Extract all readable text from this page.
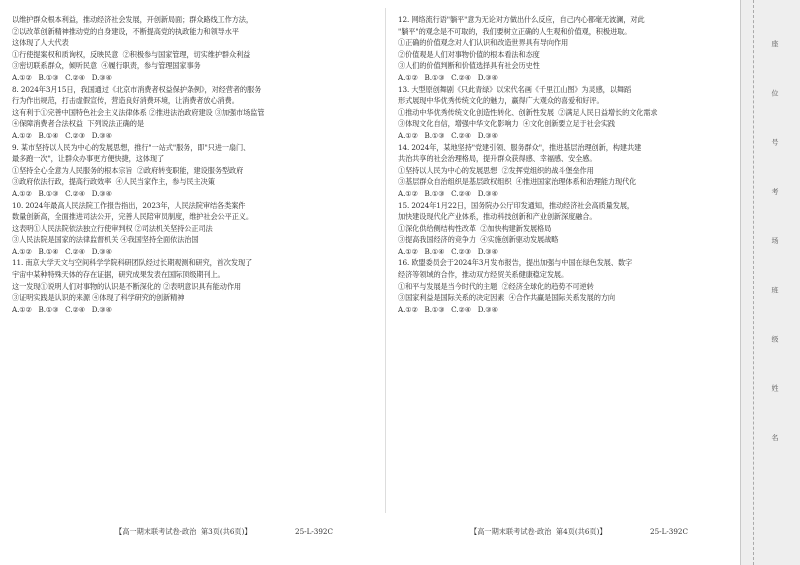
以维护群众根本利益，推动经济社会发展，开创新局面；群众路线工作方法，
②以改革创新精神推动党的自身建设，不断提高党的执政能力和领导水平
这体现了人大代表
①行使提案权和质询权，反映民意  ②积极参与国家管理，切实维护群众利益
③密切联系群众，倾听民意  ④履行职责，参与管理国家事务
A.①②   B.①③   C.②④   D.③④
8. 2024年3月15日，我国通过《北京市消费者权益保护条例》，对经营者的服务
行为作出规范，打击虚假宣传，营造良好消费环境，让消费者放心消费。
这有利于①完善中国特色社会主义法律体系 ②推进法治政府建设 ③加强市场监管
④保障消费者合法权益  下列说法正确的是
A.①②   B.①④   C.②③   D.③④
9. 某市坚持以人民为中心的发展思想，推行"一站式"服务，即"只进一扇门、
最多跑一次"，让群众办事更方便快捷，这体现了
①坚持全心全意为人民服务的根本宗旨  ②政府转变职能，建设服务型政府
③政府依法行政，提高行政效率  ④人民当家作主，参与民主决策
A.①②   B.①③   C.②④   D.③④
10. 2024年最高人民法院工作报告指出，2023年，人民法院审结各类案件
数量创新高，全面推进司法公开，完善人民陪审员制度，维护社会公平正义。
这表明①人民法院依法独立行使审判权 ②司法机关坚持公正司法
③人民法院是国家的法律监督机关 ④我国坚持全面依法治国
A.①②   B.①④   C.②④   D.③④
11. 南京大学天文与空间科学学院科研团队经过长期观测和研究，首次发现了
宇宙中某种特殊天体的存在证据，研究成果发表在国际顶级期刊上。
这一发现①说明人们对事物的认识是不断深化的 ②表明意识具有能动作用
③证明实践是认识的来源 ④体现了科学研究的创新精神
A.①②   B.①③   C.②④   D.③④
12. 网络流行语"躺平"意为无论对方做出什么反应，自己内心都毫无波澜，对此
"躺平"的观念是不可取的，我们要树立正确的人生观和价值观，积极进取。
①正确的价值观念对人们认识和改造世界具有导向作用
②价值观是人们对事物价值的根本看法和态度
③人们的价值判断和价值选择具有社会历史性
A.①②   B.①③   C.②④   D.③④
13. 大型原创舞剧《只此青绿》以宋代名画《千里江山图》为灵感，以舞蹈
形式展现中华优秀传统文化的魅力，赢得广大观众的喜爱和好评。
①推动中华优秀传统文化创造性转化、创新性发展  ②满足人民日益增长的文化需求
③体现文化自信，增强中华文化影响力  ④文化创新要立足于社会实践
A.①②   B.①③   C.②④   D.③④
14. 2024年，某地坚持"党建引领、服务群众"，推进基层治理创新，构建共建
共治共享的社会治理格局，提升群众获得感、幸福感、安全感。
①坚持以人民为中心的发展思想  ②发挥党组织的战斗堡垒作用
③基层群众自治组织是基层政权组织  ④推进国家治理体系和治理能力现代化
A.①②   B.①③   C.②④   D.③④
15. 2024年1月22日，国务院办公厅印发通知，推动经济社会高质量发展，
加快建设现代化产业体系，推动科技创新和产业创新深度融合。
①深化供给侧结构性改革  ②加快构建新发展格局
③提高我国经济的竞争力  ④实施创新驱动发展战略
A.①②   B.①④   C.②③   D.③④
16. 欧盟委员会于2024年3月发布报告，提出加强与中国在绿色发展、数字
经济等领域的合作，推动双方经贸关系健康稳定发展。
①和平与发展是当今时代的主题  ②经济全球化的趋势不可逆转
③国家利益是国际关系的决定因素  ④合作共赢是国际关系发展的方向
A.①②   B.①③   C.②④   D.③④
【高一期末联考试卷·政治  第3页(共6页)】	25-L-392C	【高一期末联考试卷·政治  第4页(共6页)】	25-L-392C
座 位 号 考 场 班 级 姓 名
